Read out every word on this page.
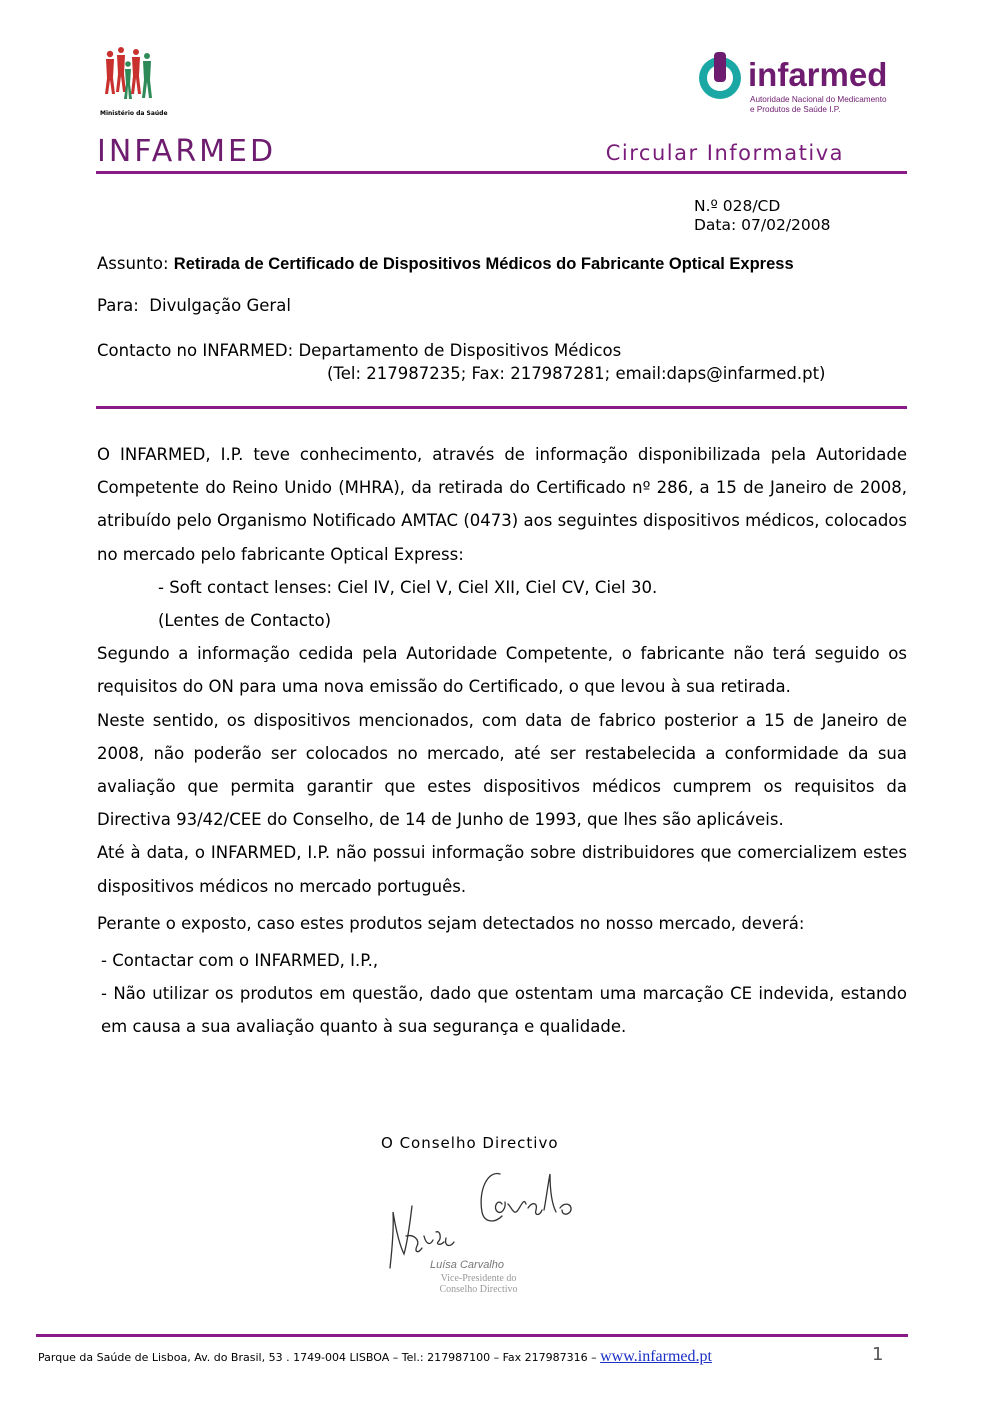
Ministério da Saúde
infarmed
Autoridade Nacional do Medicamento
e Produtos de Saúde I.P.
INFARMED	Circular Informativa
N.º 028/CD
Data: 07/02/2008
Assunto: Retirada de Certificado de Dispositivos Médicos do Fabricante Optical Express
Para: Divulgação Geral
Contacto no INFARMED: Departamento de Dispositivos Médicos
(Tel: 217987235; Fax: 217987281; email:daps@infarmed.pt)

O INFARMED, I.P. teve conhecimento, através de informação disponibilizada pela Autoridade Competente do Reino Unido (MHRA), da retirada do Certificado nº 286, a 15 de Janeiro de 2008, atribuído pelo Organismo Notificado AMTAC (0473) aos seguintes dispositivos médicos, colocados no mercado pelo fabricante Optical Express:

- Soft contact lenses: Ciel IV, Ciel V, Ciel XII, Ciel CV, Ciel 30.

(Lentes de Contacto)

Segundo a informação cedida pela Autoridade Competente, o fabricante não terá seguido os requisitos do ON para uma nova emissão do Certificado, o que levou à sua retirada.

Neste sentido, os dispositivos mencionados, com data de fabrico posterior a 15 de Janeiro de 2008, não poderão ser colocados no mercado, até ser restabelecida a conformidade da sua avaliação que permita garantir que estes dispositivos médicos cumprem os requisitos da Directiva 93/42/CEE do Conselho, de 14 de Junho de 1993, que lhes são aplicáveis.

Até à data, o INFARMED, I.P. não possui informação sobre distribuidores que comercializem estes dispositivos médicos no mercado português.

Perante o exposto, caso estes produtos sejam detectados no nosso mercado, deverá:

- Contactar com o INFARMED, I.P.,

- Não utilizar os produtos em questão, dado que ostentam uma marcação CE indevida, estando em causa a sua avaliação quanto à sua segurança e qualidade.

O Conselho Directivo
Luísa Carvalho
Vice-Presidente do
Conselho Directivo
Parque da Saúde de Lisboa, Av. do Brasil, 53 . 1749-004 LISBOA – Tel.: 217987100 – Fax 217987316 – www.infarmed.pt	1
